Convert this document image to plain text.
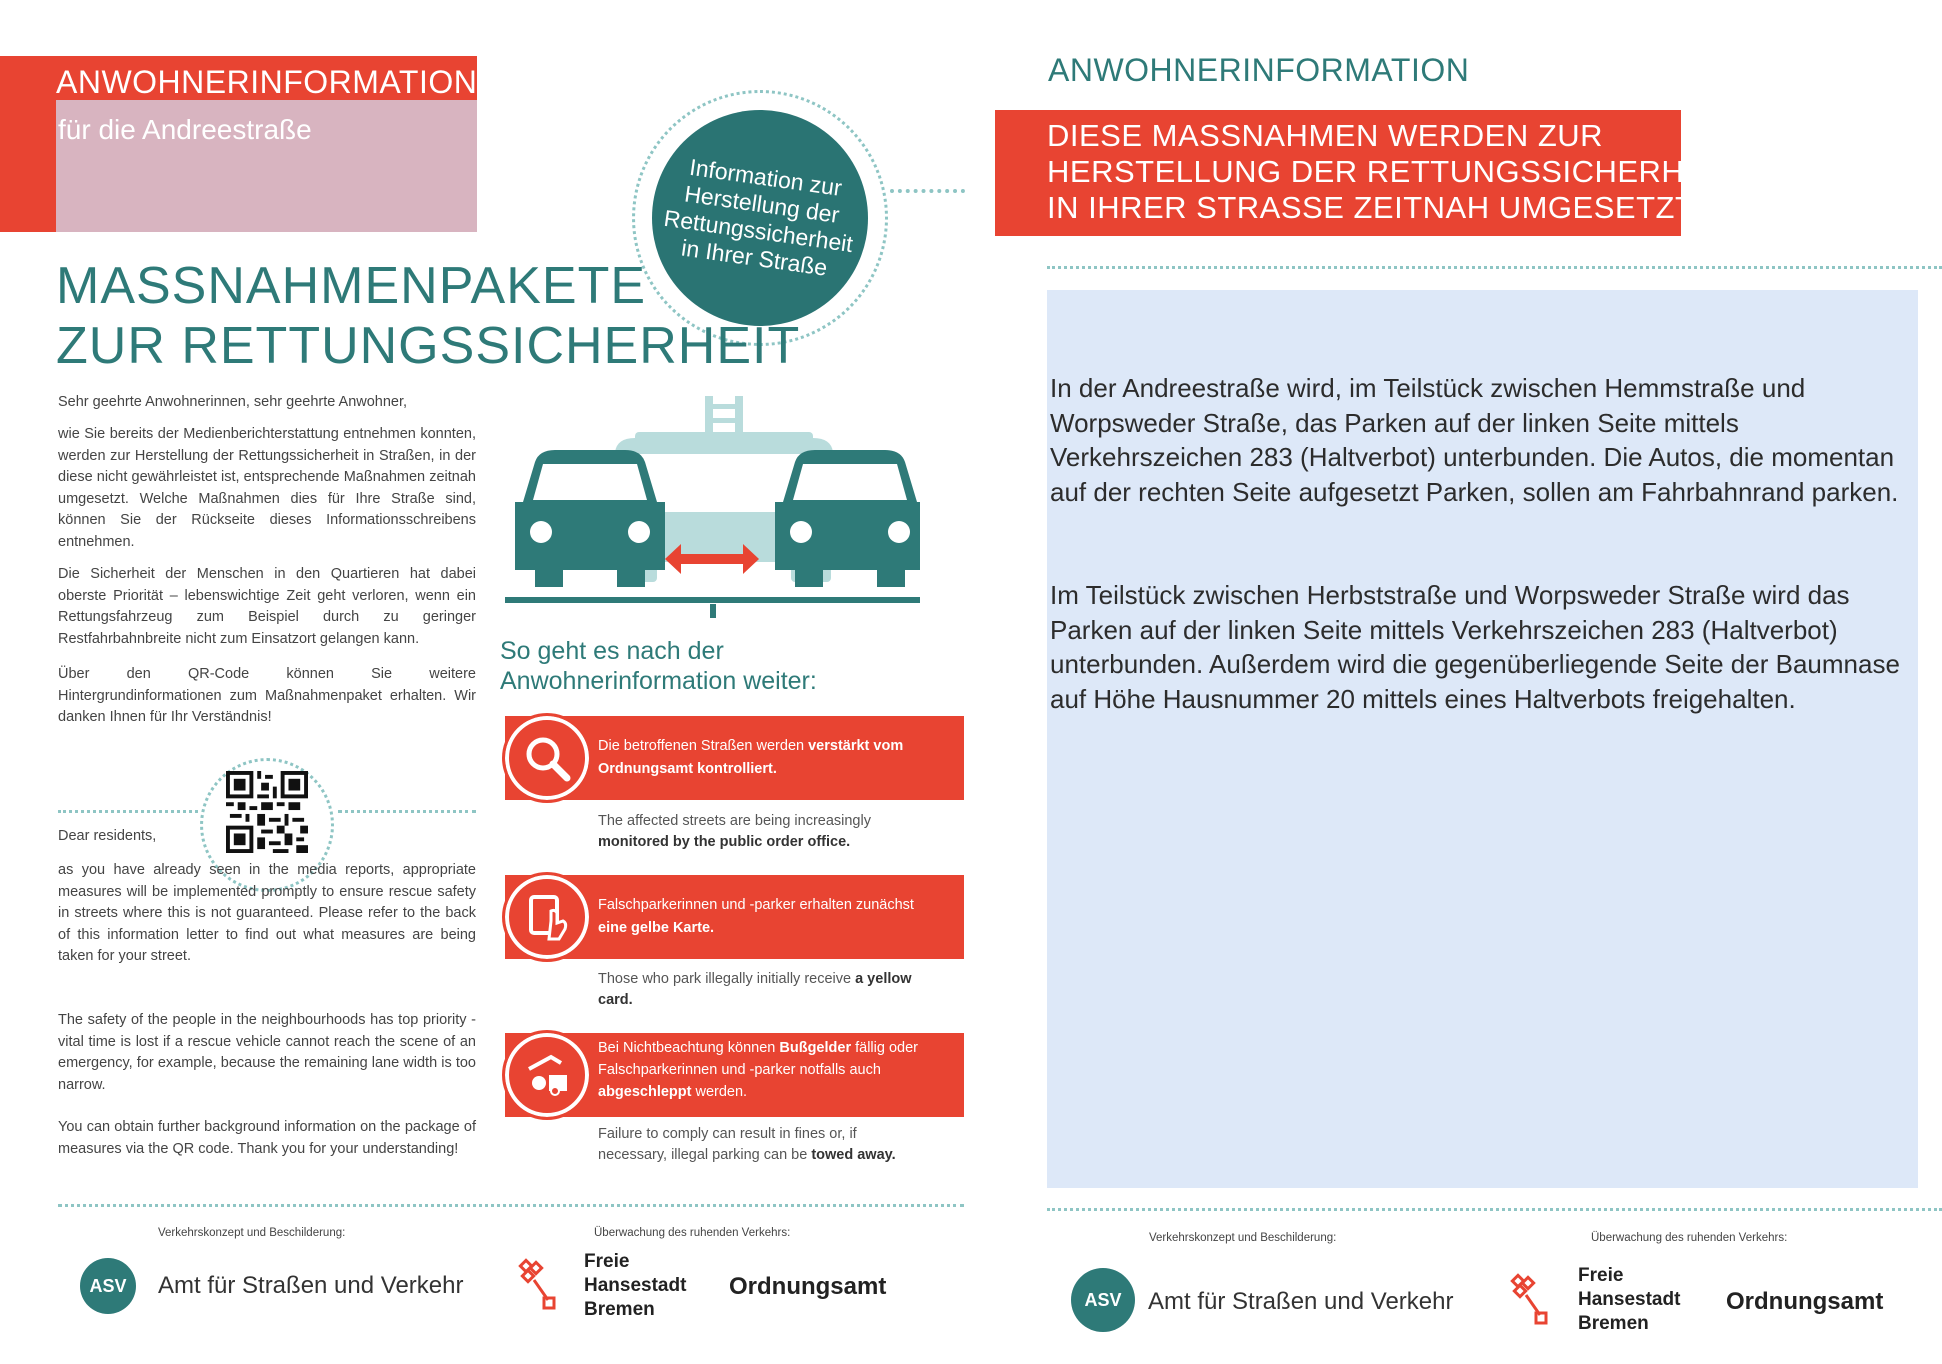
ANWOHNERINFORMATION
für die Andreestraße
Information zur Herstellung der Rettungssicherheit in Ihrer Straße
MASSNAHMENPAKETE
ZUR RETTUNGSSICHERHEIT
Sehr geehrte Anwohnerinnen, sehr geehrte Anwohner,
wie Sie bereits der Medienberichterstattung entnehmen konnten, werden zur Herstellung der Rettungssicherheit in Straßen, in der diese nicht gewährleistet ist, entsprechende Maßnahmen zeitnah umgesetzt. Welche Maßnahmen dies für Ihre Straße sind, können Sie der Rückseite dieses Informationsschreibens entnehmen.
Die Sicherheit der Menschen in den Quartieren hat dabei oberste Priorität – lebenswichtige Zeit geht verloren, wenn ein Rettungsfahrzeug zum Beispiel durch zu geringer Restfahrbahnbreite nicht zum Einsatzort gelangen kann.
Über den QR-Code können Sie weitere Hintergrundinformationen zum Maßnahmenpaket erhalten. Wir danken Ihnen für Ihr Verständnis!
Dear residents,
as you have already seen in the media reports, appropriate measures will be implemented promptly to ensure rescue safety in streets where this is not guaranteed. Please refer to the back of this information letter to find out what measures are being taken for your street.
The safety of the people in the neighbourhoods has top priority - vital time is lost if a rescue vehicle cannot reach the scene of an emergency, for example, because the remaining lane width is too narrow.
You can obtain further background information on the package of measures via the QR code. Thank you for your understanding!
So geht es nach der
Anwohnerinformation weiter:
Die betroffenen Straßen werden verstärkt vom Ordnungsamt kontrolliert.
The affected streets are being increasingly monitored by the public order office.
Falschparkerinnen und -parker erhalten zunächst eine gelbe Karte.
Those who park illegally initially receive a yellow card.
Bei Nichtbeachtung können Bußgelder fällig oder Falschparkerinnen und -parker notfalls auch abgeschleppt werden.
Failure to comply can result in fines or, if necessary, illegal parking can be towed away.
Verkehrskonzept und Beschilderung:	Überwachung des ruhenden Verkehrs:
ASV	Amt für Straßen und Verkehr
Freie
Hansestadt
Bremen
Ordnungsamt
ANWOHNERINFORMATION
DIESE MASSNAHMEN WERDEN ZUR
HERSTELLUNG DER RETTUNGSSICHERHEIT
IN IHRER STRASSE ZEITNAH UMGESETZT:
In der Andreestraße wird, im Teilstück zwischen Hemmstraße und Worpsweder Straße, das Parken auf der linken Seite mittels Verkehrszeichen 283 (Haltverbot) unterbunden. Die Autos, die momentan auf der rechten Seite aufgesetzt Parken, sollen am Fahrbahnrand parken.
Im Teilstück zwischen Herbststraße und Worpsweder Straße wird das Parken auf der linken Seite mittels Verkehrszeichen 283 (Haltverbot) unterbunden. Außerdem wird die gegenüberliegende Seite der Baumnase auf Höhe Hausnummer 20 mittels eines Haltverbots freigehalten.
Verkehrskonzept und Beschilderung:	Überwachung des ruhenden Verkehrs:
ASV	Amt für Straßen und Verkehr
Freie
Hansestadt
Bremen
Ordnungsamt
